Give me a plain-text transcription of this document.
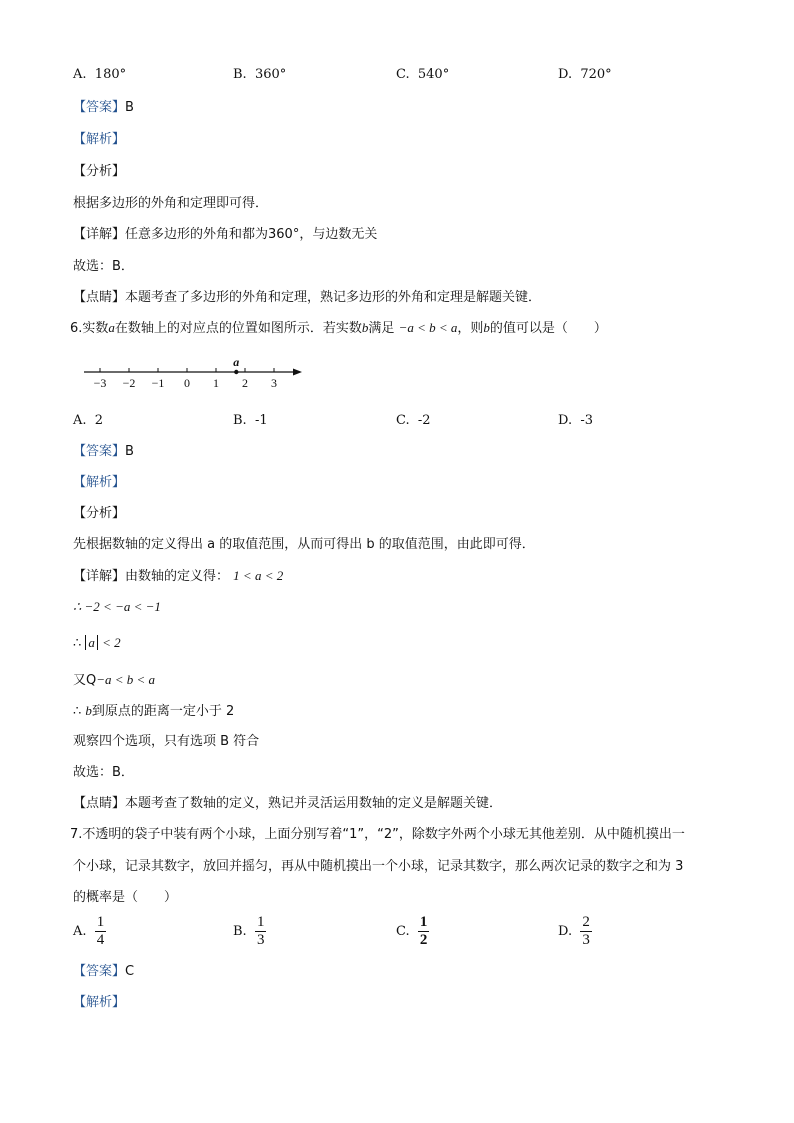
A. 180°	B. 360°	C. 540°	D. 720°
【答案】B
【解析】
【分析】
根据多边形的外角和定理即可得．
【详解】任意多边形的外角和都为360°，与边数无关
故选：B．
【点睛】本题考查了多边形的外角和定理，熟记多边形的外角和定理是解题关键．
6.实数a在数轴上的对应点的位置如图所示．若实数b满足 −a < b < a，则b的值可以是（　　）
−3 −2 −1 0 1 2 3
a
A. 2	B. -1	C. -2	D. -3
【答案】B
【解析】
【分析】
先根据数轴的定义得出 a 的取值范围，从而可得出 b 的取值范围，由此即可得．
【详解】由数轴的定义得： 1 < a < 2
∴ −2 < −a < −1
∴ a < 2
又Q−a < b < a
∴ b到原点的距离一定小于 2
观察四个选项，只有选项 B 符合
故选：B．
【点睛】本题考查了数轴的定义，熟记并灵活运用数轴的定义是解题关键．
7.不透明的袋子中装有两个小球，上面分别写着“1”，“2”，除数字外两个小球无其他差别．从中随机摸出一
个小球，记录其数字，放回并摇匀，再从中随机摸出一个小球，记录其数字，那么两次记录的数字之和为 3
的概率是（　　）
A. $\frac{1}{4}$	B. $\frac{1}{3}$	C. $\frac{1}{2}$	D. $\frac{2}{3}$
【答案】C
【解析】
